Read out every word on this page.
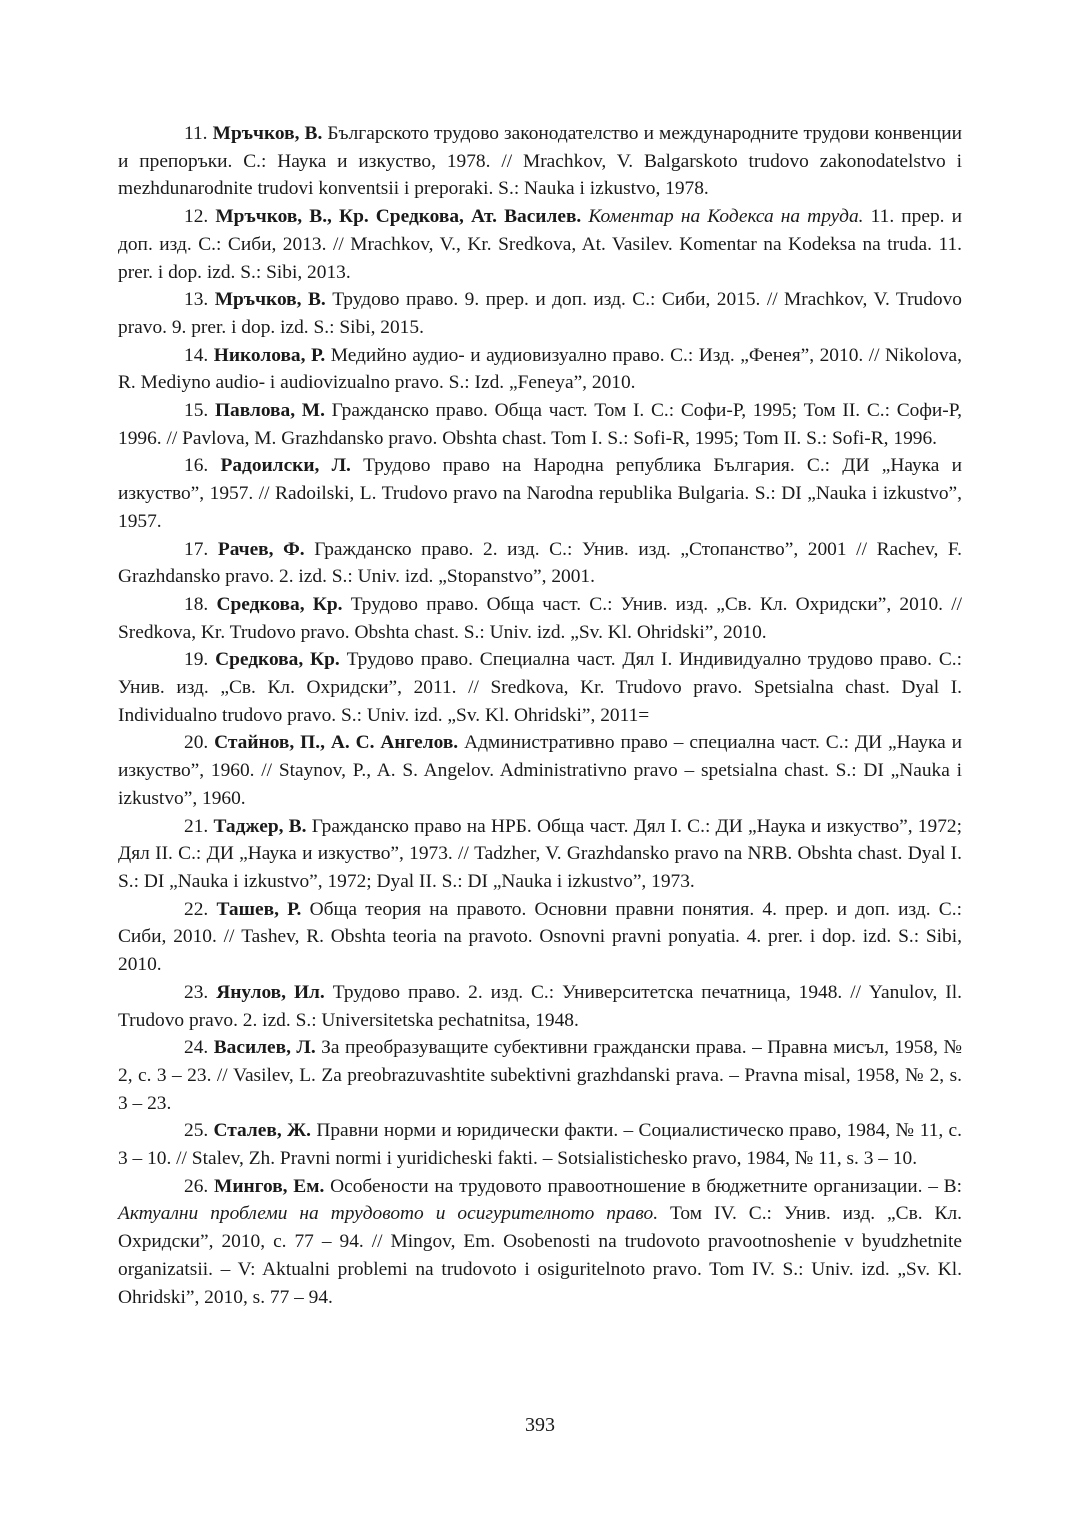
11. Мръчков, В. Българското трудово законодателство и международните трудови конвенции и препоръки. С.: Наука и изкуство, 1978. // Mrachkov, V. Balgarskoto trudovo zakonodatelstvo i mezhdunarodnite trudovi konventsii i preporaki. S.: Nauka i izkustvo, 1978.

12. Мръчков, В., Кр. Средкова, Ат. Василев. Коментар на Кодекса на труда. 11. прер. и доп. изд. С.: Сиби, 2013. // Mrachkov, V., Kr. Sredkova, At. Vasilev. Komentar na Kodeksa na truda. 11. prer. i dop. izd. S.: Sibi, 2013.

13. Мръчков, В. Трудово право. 9. прер. и доп. изд. С.: Сиби, 2015. // Mrachkov, V. Trudovo pravo. 9. prer. i dop. izd. S.: Sibi, 2015.

14. Николова, Р. Медийно аудио- и аудиовизуално право. С.: Изд. „Фенея”, 2010. // Nikolova, R. Mediyno audio- i audiovizualno pravo. S.: Izd. „Feneya”, 2010.

15. Павлова, М. Гражданско право. Обща част. Том I. С.: Софи-Р, 1995; Том II. С.: Софи-Р, 1996. // Pavlova, M. Grazhdansko pravo. Obshta chast. Tom I. S.: Sofi-R, 1995; Tom II. S.: Sofi-R, 1996.

16. Радоилски, Л. Трудово право на Народна република България. С.: ДИ „Наука и изкуство”, 1957. // Radoilski, L. Trudovo pravo na Narodna republika Bulgaria. S.: DI „Nauka i izkustvo”, 1957.

17. Рачев, Ф. Гражданско право. 2. изд. С.: Унив. изд. „Стопанство”, 2001 // Rachev, F. Grazhdansko pravo. 2. izd. S.: Univ. izd. „Stopanstvo”, 2001.

18. Средкова, Кр. Трудово право. Обща част. С.: Унив. изд. „Св. Кл. Охридски”, 2010. // Sredkova, Kr. Trudovo pravo. Obshta chast. S.: Univ. izd. „Sv. Kl. Ohridski”, 2010.

19. Средкова, Кр. Трудово право. Специална част. Дял I. Индивидуално трудово право. С.: Унив. изд. „Св. Кл. Охридски”, 2011. // Sredkova, Kr. Trudovo pravo. Spetsialna chast. Dyal I. Individualno trudovo pravo. S.: Univ. izd. „Sv. Kl. Ohridski”, 2011=

20. Стайнов, П., А. С. Ангелов. Административно право – специална част. С.: ДИ „Наука и изкуство”, 1960. // Staynov, P., A. S. Angelov. Administrativno pravo – spetsialna chast. S.: DI „Nauka i izkustvo”, 1960.

21. Таджер, В. Гражданско право на НРБ. Обща част. Дял I. С.: ДИ „Наука и изкуство”, 1972; Дял II. С.: ДИ „Наука и изкуство”, 1973. // Tadzher, V. Grazhdansko pravo na NRB. Obshta chast. Dyal I. S.: DI „Nauka i izkustvo”, 1972; Dyal II. S.: DI „Nauka i izkustvo”, 1973.

22. Ташев, Р. Обща теория на правото. Основни правни понятия. 4. прер. и доп. изд. С.: Сиби, 2010. // Tashev, R. Obshta teoria na pravoto. Osnovni pravni ponyatia. 4. prer. i dop. izd. S.: Sibi, 2010.

23. Янулов, Ил. Трудово право. 2. изд. С.: Университетска печатница, 1948. // Yanulov, Il. Trudovo pravo. 2. izd. S.: Universitetska pechatnitsa, 1948.

24. Василев, Л. За преобразуващите субективни граждански права. – Правна мисъл, 1958, № 2, с. 3 – 23. // Vasilev, L. Za preobrazuvashtite subektivni grazhdanski prava. – Pravna misal, 1958, № 2, s. 3 – 23.

25. Сталев, Ж. Правни норми и юридически факти. – Социалистическо право, 1984, № 11, с. 3 – 10. // Stalev, Zh. Pravni normi i yuridicheski fakti. – Sotsialistichesko pravo, 1984, № 11, s. 3 – 10.

26. Мингов, Ем. Особености на трудовото правоотношение в бюджетните организации. – В: Актуални проблеми на трудовото и осигурителното право. Том IV. С.: Унив. изд. „Св. Кл. Охридски”, 2010, с. 77 – 94. // Mingov, Em. Osobenosti na trudovoto pravootnoshenie v byudzhetnite organizatsii. – V: Aktualni problemi na trudovoto i osiguritelnoto pravo. Tom IV. S.: Univ. izd. „Sv. Kl. Ohridski”, 2010, s. 77 – 94.

393
